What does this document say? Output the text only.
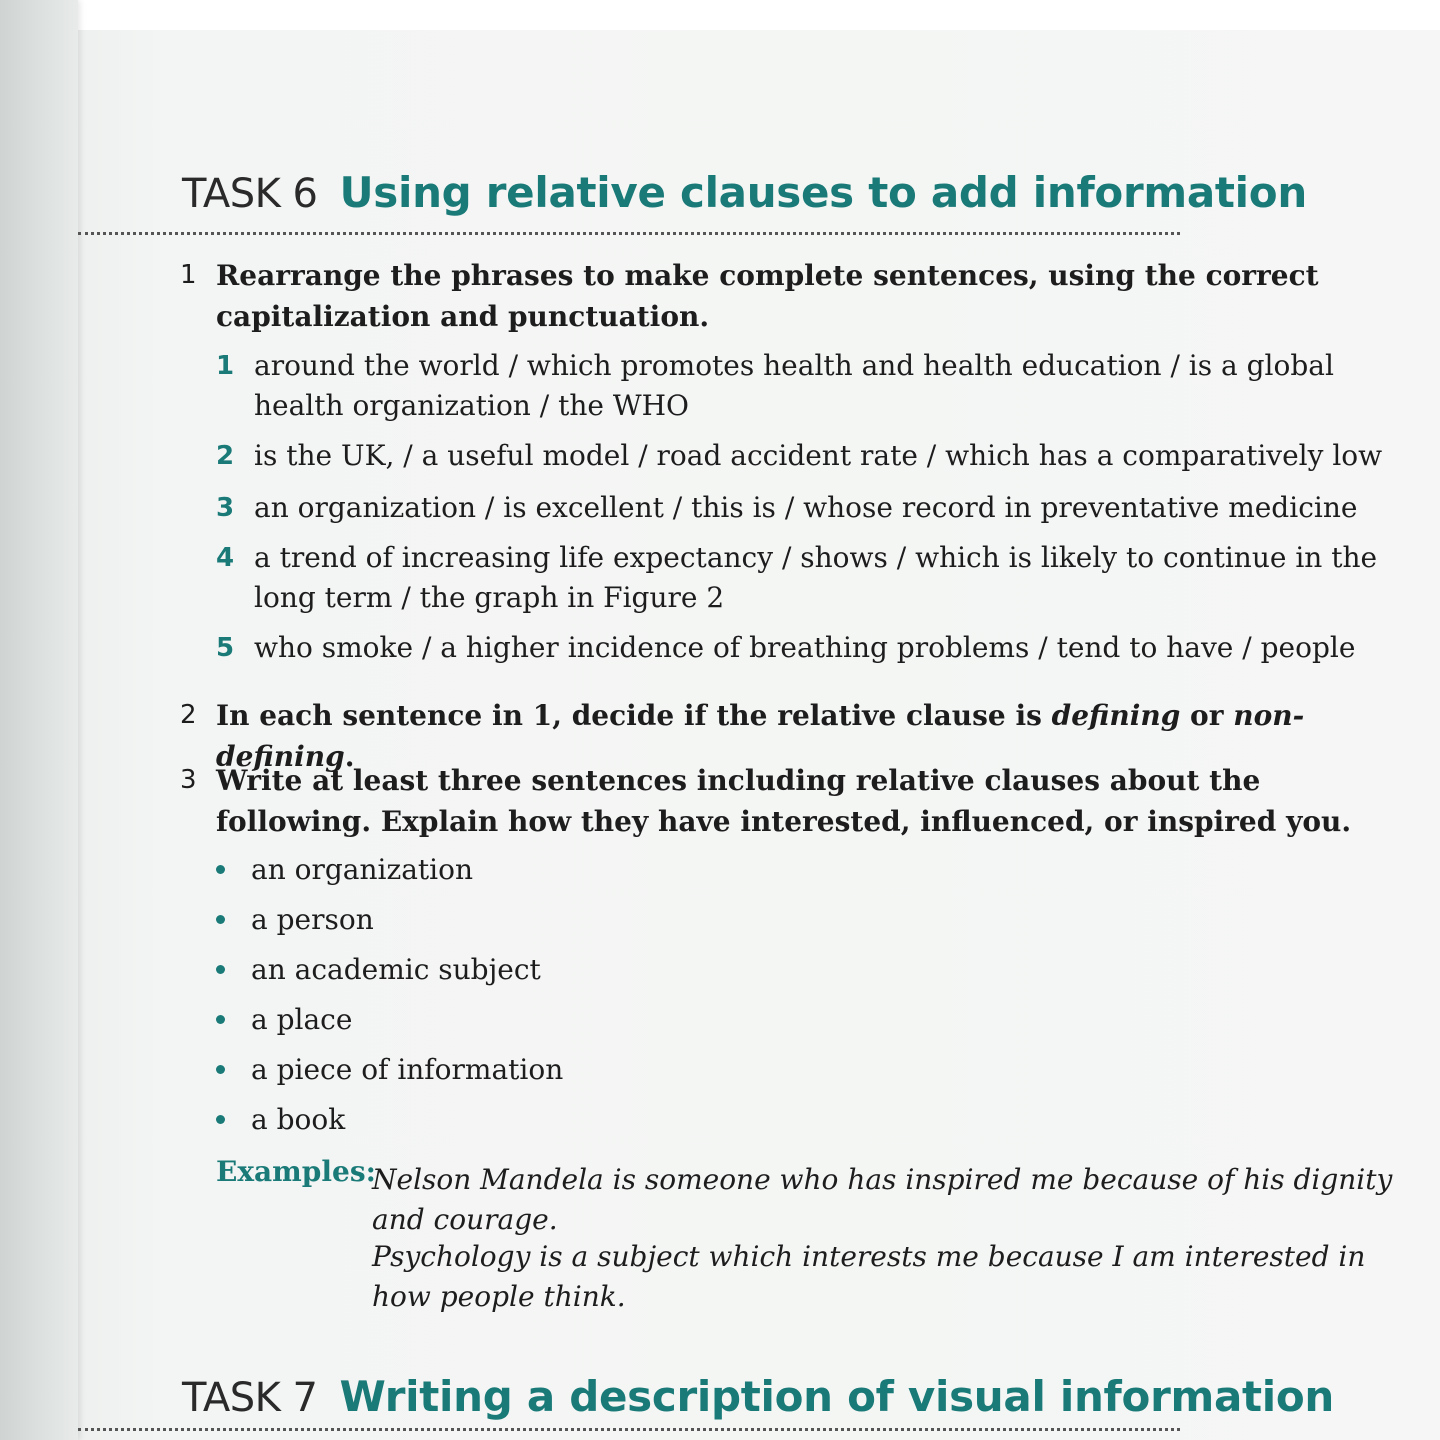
TASK 6 Using relative clauses to add information
1 Rearrange the phrases to make complete sentences, using the correct capitalization and punctuation.
1 around the world / which promotes health and health education / is a global health organization / the WHO
2 is the UK, / a useful model / road accident rate / which has a comparatively low
3 an organization / is excellent / this is / whose record in preventative medicine
4 a trend of increasing life expectancy / shows / which is likely to continue in the long term / the graph in Figure 2
5 who smoke / a higher incidence of breathing problems / tend to have / people
2 In each sentence in 1, decide if the relative clause is defining or non-defining.
3 Write at least three sentences including relative clauses about the following. Explain how they have interested, influenced, or inspired you.
an organization
a person
an academic subject
a place
a piece of information
a book
Examples:
Nelson Mandela is someone who has inspired me because of his dignity and courage.
Psychology is a subject which interests me because I am interested in how people think.
TASK 7 Writing a description of visual information
